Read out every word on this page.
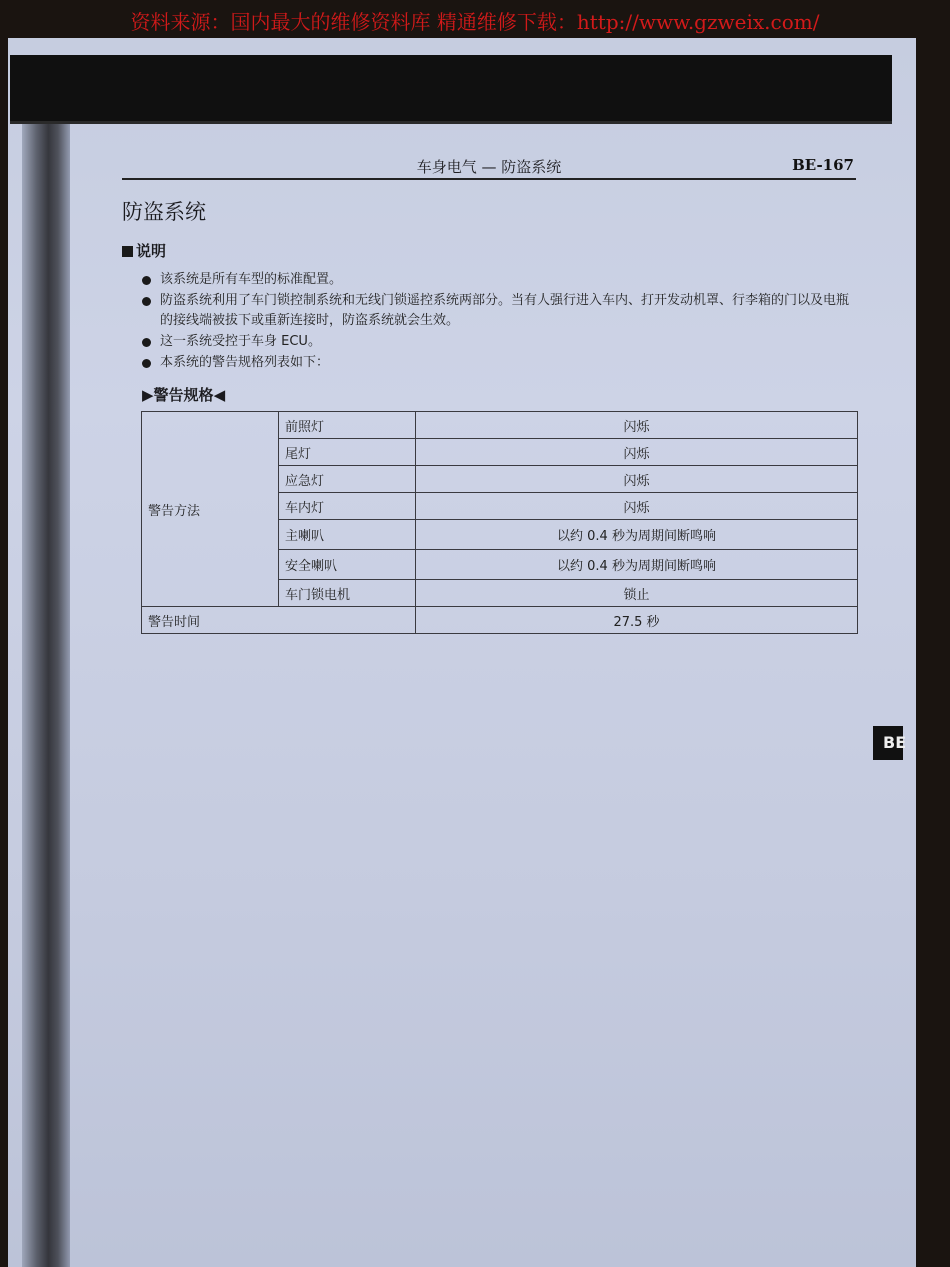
资料来源：国内最大的维修资料库 精通维修下载：http://www.gzweix.com/
车身电气 — 防盗系统	BE-167
防盗系统
说明
该系统是所有车型的标准配置。
防盗系统利用了车门锁控制系统和无线门锁遥控系统两部分。当有人强行进入车内、打开发动机罩、行李箱的门以及电瓶的接线端被拔下或重新连接时，防盗系统就会生效。
这一系统受控于车身 ECU。
本系统的警告规格列表如下：
▶警告规格◀
警告方法	前照灯	闪烁
	尾灯	闪烁
	应急灯	闪烁
	车内灯	闪烁
	主喇叭	以约 0.4 秒为周期间断鸣响
	安全喇叭	以约 0.4 秒为周期间断鸣响
	车门锁电机	锁止
警告时间		27.5 秒
BE
